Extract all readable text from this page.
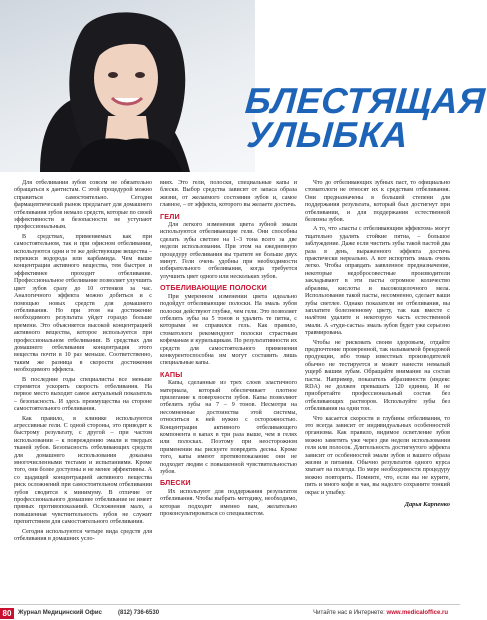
БЛЕСТЯЩАЯ
УЛЫБКА

Для отбеливания зубов совсем не обязательно обращаться к дантистам. С этой процедурой можно справиться самостоятельно. Сегодня фармацевтический рынок предлагает для домашнего отбеливания зубов немало средств, которые по своей эффективности и безопасности не уступают профессиональным.

В средствах, применяемых как при самостоятельном, так и при офисном отбеливании, используются одни и те же действующие вещества – перекиси водорода или карбамида. Чем выше концентрация активного вещества, тем быстрее и эффективнее проходит отбеливание. Профессиональное отбеливание позволяет улучшить цвет зубов сразу до 10 оттенков за час. Аналогичного эффекта можно добиться и с помощью новых средств для домашнего отбеливания. Но при этом на достижение необходимого результата уйдет гораздо больше времени. Это объясняется высокой концентрацией активного вещества, которое используется при профессиональном отбеливании. В средствах для домашнего отбеливания концентрация этого вещества почти в 10 раз меньше. Соответственно, таким же разница в скорости достижения необходимого эффекта.

В последние годы специалисты все меньше стремятся ускорить скорость отбеливания. На первое место выходит самое актуальный показатель – безопасность. И здесь преимущества на стороне самостоятельного отбеливания.

Как правило, в клинике используются агрессивные гели. С одной стороны, это приводит к быстрому результату, с другой – при частом использовании – к повреждению эмали и твердых тканей зубов. Безопасность отбеливающих средств для домашнего использования доказана многочисленными тестами и испытаниями. Кроме того, они более доступны и не менее эффективны. А со щадящей концентрацией активного вещества риск осложнений при самостоятельном отбеливании зубов сводится к минимуму. В отличие от профессионального домашнее отбеливание не имеет прямых противопоказаний. Осложнения мало, а повышенная чувствительность зубов не служит препятствием для самостоятельного отбеливания.

Сегодня используются четыре вида средств для отбеливания в домашних усло-

виях. Это гели, полоски, специальные капы и блески. Выбор средства зависит от запаса образа жизни, от желаемого состояния зубов и, самое главное, – от эффекта, которого вы желаете достичь.

ГЕЛИ

Для легкого изменения цвета зубной эмали используются отбеливающие гели. Они способны сделать зубы светлее на 1–3 тона всего за две недели использования. При этом на ежедневную процедуру отбеливания вы тратите не больше двух минут. Гели очень удобны при необходимости избирательного отбеливания, когда требуется улучшить цвет одного или нескольких зубов.

ОТБЕЛИВАЮЩИЕ ПОЛОСКИ

При умеренном изменении цвета идеально подойдут отбеливающие полоски. На эмаль зубов полоски действуют глубже, чем гели. Это позволяет отбелить зубы на 5 тонов и удалить те пятна, с которыми не справился гель. Как правило, стоматологи рекомендуют полоски страстным кофеманам и курильщикам. По результативности их средств для самостоятельного применения конкурентоспособна им могут составить лишь специальные капы.

КАПЫ

Капы, сделанные из трех слоев эластичного материала, который обеспечивает плотное прилегание к поверхности зубов. Капы позволяют отбелить зубы на 7 – 9 тонов. Несмотря на несомненные достоинства этой системы, относиться к ней нужно с осторожностью. Концентрация активного отбеливающего компонента в капах в три раза выше, чем в гелях или полосках. Поэтому при неосторожном применении вы рискуете повредить десны. Кроме того, капы имеют противопоказания: они не подходят людям с повышенной чувствительностью зубов.

БЛЕСКИ

Их используют для поддержания результатов отбеливания. Чтобы выбрать методику, необходимо, которая подходит именно вам, желательно проконсультироваться со специалистом.

Что до отбеливающих зубных паст, то официально стоматологи не относят их к средствам отбеливания. Они предназначены в большей степени для поддержания результата, который был достигнут при отбеливании, и для поддержания естественной белизны зубов.

А то, что «пасты с отбеливающим эффектом» могут тщательно удалять стойкие пятна, – большое заблуждение. Даже если чистить зубы такой пастой два раза в день, выраженного эффекта достичь практически нереально. А вот испортить эмаль очень легко. Чтобы оправдать заявленное предназначение, некоторые недобросовестные производители закладывают в эти пасты огромное количество абразива, кислоты и высокощелочного мела. Использование такой пасты, несомненно, сделает ваши зубы светлее. Однако показатели не отбеливания, вы заплатите болезненному цвету, так как вместе с налётом удалите и некоторую часть естественной эмали. А «туди-састы» эмаль зубов будет уже серьезно травмирована.

Чтобы не рисковать своим здоровьем, отдайте предпочтение проверенной, так называемой брендовой продукции, ибо товар известных производителей обычно не тестируется и может нанести немалый ущерб вашим зубам. Обращайте внимание на состав пасты. Например, показатель абразивности (индекс RDA) не должен превышать 120 единиц. И не приобретайте профессиональный состав без отбеливающих растворов. Используйте зубы без отбеливания на одни тон.

Что касается скорости и глубины отбеливания, то это всегда зависит от индивидуальных особенностей организма. Как правило, видимое осветление зубов можно заметить уже через две недели использования геля или полосок. Длительность достигнутого эффекта зависит от особенностей эмали зубов и вашего образа жизни и питания. Обычно результатов одного курса хватает на полгода. По мере необходимости процедуру можно повторить. Помните, что, если вы не курите, пить и много кофе и чая, вы надолго сохраните тонкий окрас и улыбку.

Дарья Карпенко
80	Журнал Медицинский Офис	(812) 736-6530	Читайте нас в Интернете: www.medicaloffice.ru
